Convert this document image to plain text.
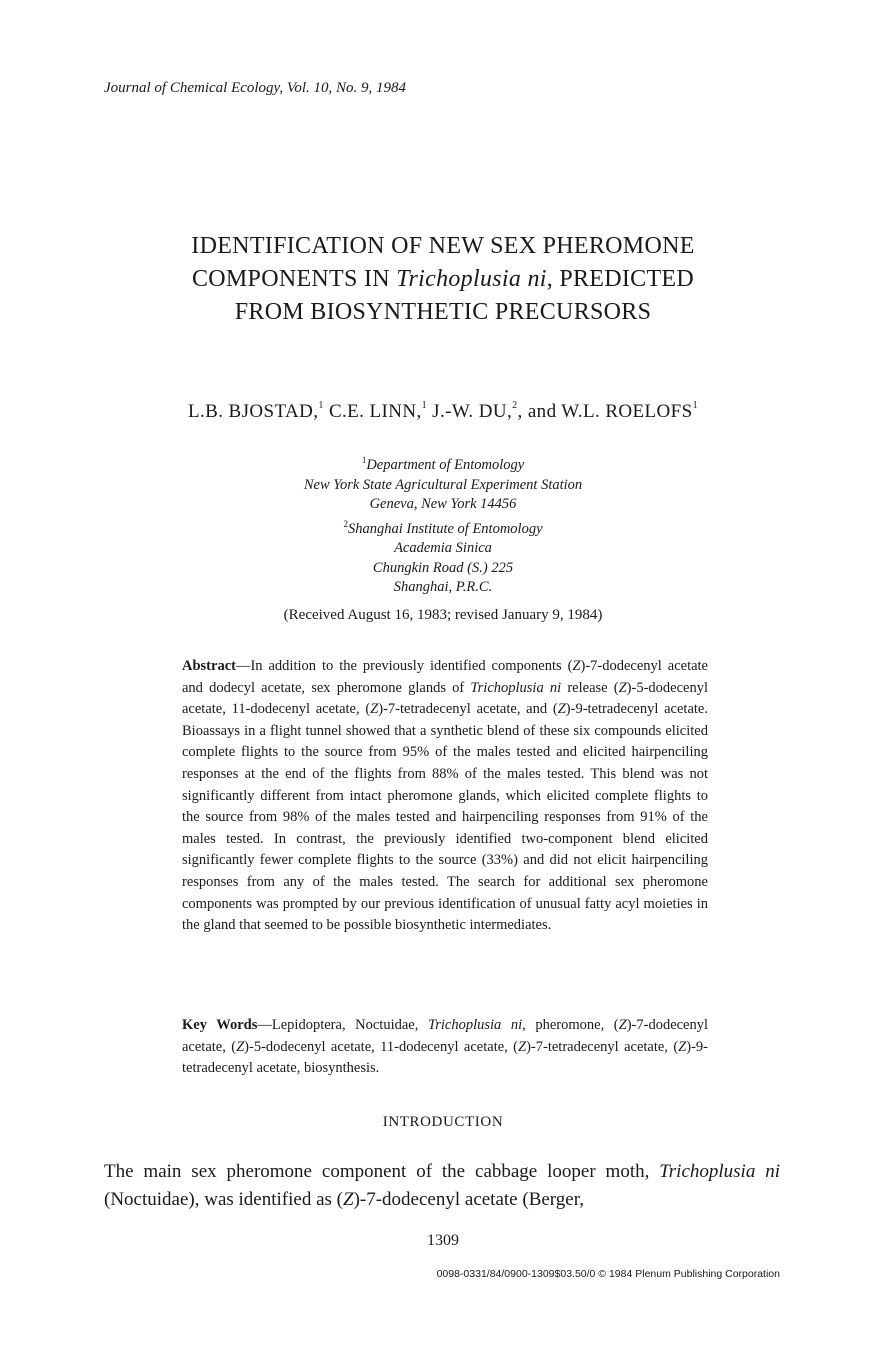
Journal of Chemical Ecology, Vol. 10, No. 9, 1984
IDENTIFICATION OF NEW SEX PHEROMONE
COMPONENTS IN Trichoplusia ni, PREDICTED
FROM BIOSYNTHETIC PRECURSORS
L.B. BJOSTAD,$^1$ C.E. LINN,$^1$ J.-W. DU,$^2$, and W.L. ROELOFS$^1$
$^1$Department of Entomology
New York State Agricultural Experiment Station
Geneva, New York 14456
$^2$Shanghai Institute of Entomology
Academia Sinica
Chungkin Road (S.) 225
Shanghai, P.R.C.
(Received August 16, 1983; revised January 9, 1984)
Abstract—In addition to the previously identified components (Z)-7-dodecenyl acetate and dodecyl acetate, sex pheromone glands of Trichoplusia ni release (Z)-5-dodecenyl acetate, 11-dodecenyl acetate, (Z)-7-tetradecenyl acetate, and (Z)-9-tetradecenyl acetate. Bioassays in a flight tunnel showed that a synthetic blend of these six compounds elicited complete flights to the source from 95% of the males tested and elicited hairpenciling responses at the end of the flights from 88% of the males tested. This blend was not significantly different from intact pheromone glands, which elicited complete flights to the source from 98% of the males tested and hairpenciling responses from 91% of the males tested. In contrast, the previously identified two-component blend elicited significantly fewer complete flights to the source (33%) and did not elicit hairpenciling responses from any of the males tested. The search for additional sex pheromone components was prompted by our previous identification of unusual fatty acyl moieties in the gland that seemed to be possible biosynthetic intermediates.
Key Words—Lepidoptera, Noctuidae, Trichoplusia ni, pheromone, (Z)-7-dodecenyl acetate, (Z)-5-dodecenyl acetate, 11-dodecenyl acetate, (Z)-7-tetradecenyl acetate, (Z)-9-tetradecenyl acetate, biosynthesis.
INTRODUCTION
The main sex pheromone component of the cabbage looper moth, Trichoplusia ni (Noctuidae), was identified as (Z)-7-dodecenyl acetate (Berger,
1309
0098-0331/84/0900-1309$03.50/0 © 1984 Plenum Publishing Corporation
